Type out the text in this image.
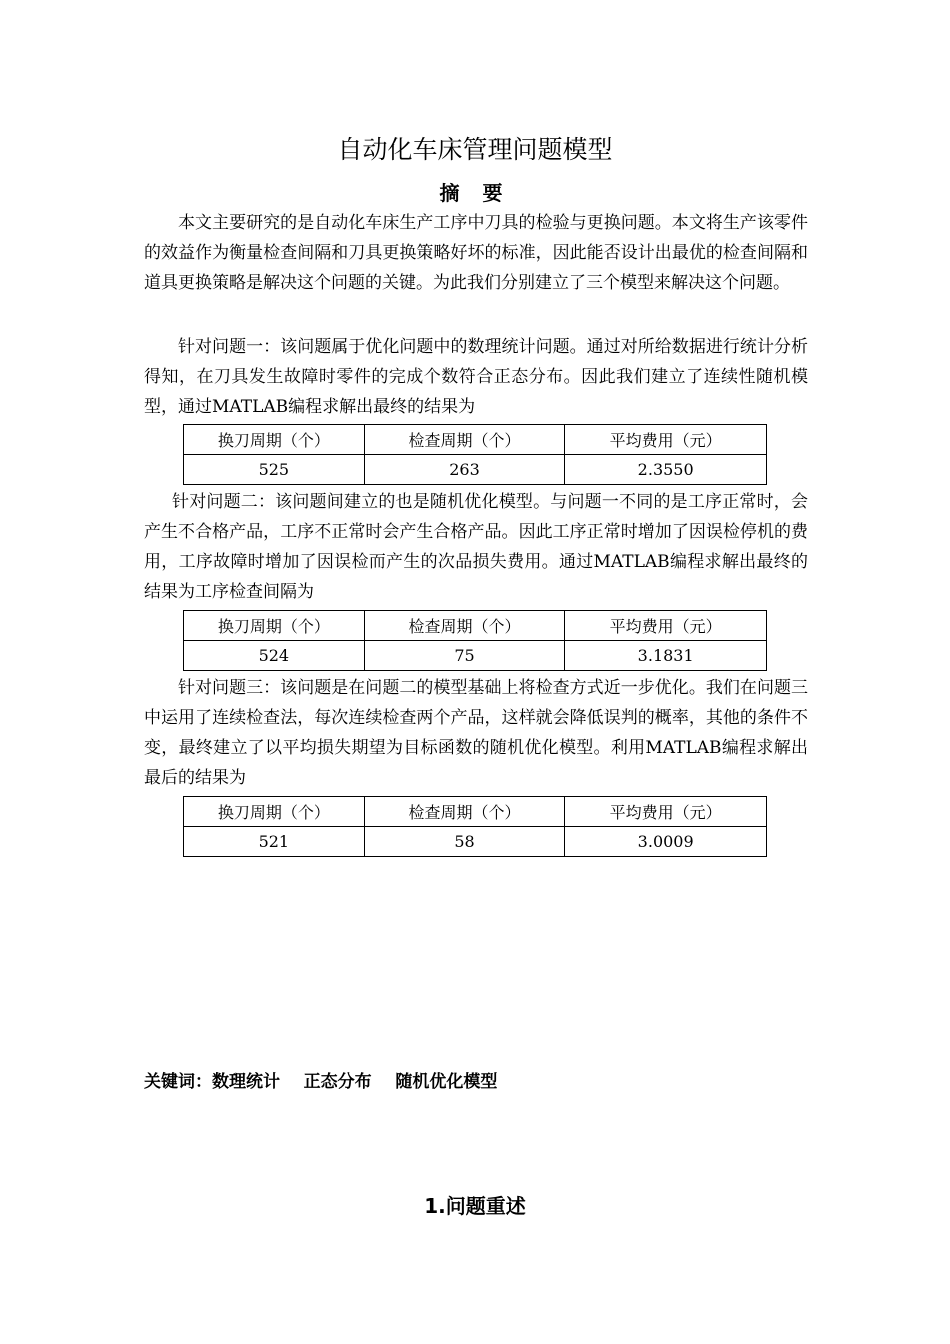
自动化车床管理问题模型
摘 要

本文主要研究的是自动化车床生产工序中刀具的检验与更换问题。本文将生产该零件的效益作为衡量检查间隔和刀具更换策略好坏的标准，因此能否设计出最优的检查间隔和道具更换策略是解决这个问题的关键。为此我们分别建立了三个模型来解决这个问题。

针对问题一：该问题属于优化问题中的数理统计问题。通过对所给数据进行统计分析得知，在刀具发生故障时零件的完成个数符合正态分布。因此我们建立了连续性随机模型，通过MATLAB编程求解出最终的结果为

换刀周期（个）	检查周期（个）	平均费用（元）
525	263	2.3550

针对问题二：该问题间建立的也是随机优化模型。与问题一不同的是工序正常时，会产生不合格产品，工序不正常时会产生合格产品。因此工序正常时增加了因误检停机的费用，工序故障时增加了因误检而产生的次品损失费用。通过MATLAB编程求解出最终的结果为工序检查间隔为

换刀周期（个）	检查周期（个）	平均费用（元）
524	75	3.1831

针对问题三：该问题是在问题二的模型基础上将检查方式近一步优化。我们在问题三中运用了连续检查法，每次连续检查两个产品，这样就会降低误判的概率，其他的条件不变，最终建立了以平均损失期望为目标函数的随机优化模型。利用MATLAB编程求解出最后的结果为

换刀周期（个）	检查周期（个）	平均费用（元）
521	58	3.0009
关键词：数理统计    正态分布    随机优化模型
1.问题重述
